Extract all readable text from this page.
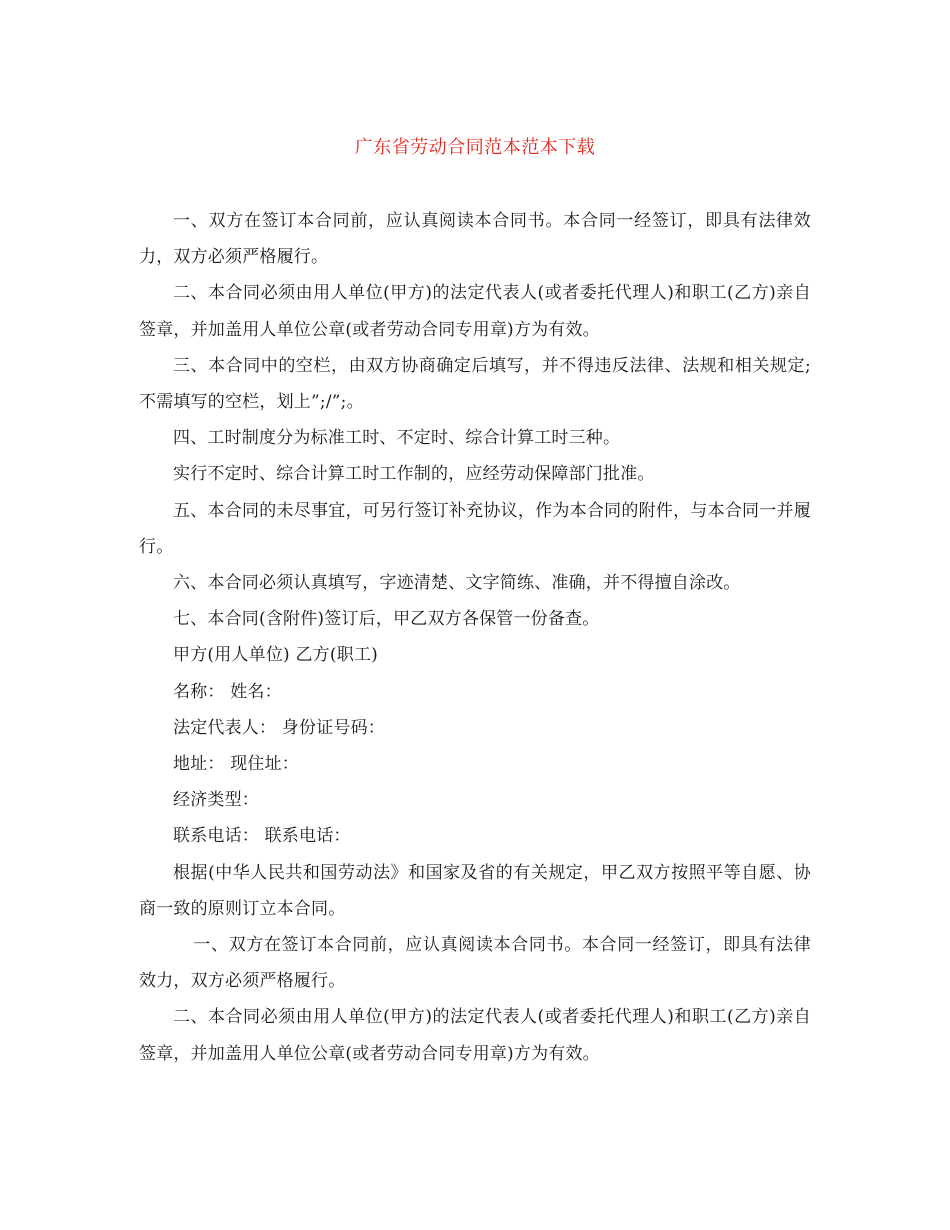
广东省劳动合同范本范本下载

一、双方在签订本合同前，应认真阅读本合同书。本合同一经签订，即具有法律效力，双方必须严格履行。

二、本合同必须由用人单位(甲方)的法定代表人(或者委托代理人)和职工(乙方)亲自签章，并加盖用人单位公章(或者劳动合同专用章)方为有效。

三、本合同中的空栏，由双方协商确定后填写，并不得违反法律、法规和相关规定;不需填写的空栏，划上”;/”;。

四、工时制度分为标准工时、不定时、综合计算工时三种。

实行不定时、综合计算工时工作制的，应经劳动保障部门批准。

五、本合同的未尽事宜，可另行签订补充协议，作为本合同的附件，与本合同一并履行。

六、本合同必须认真填写，字迹清楚、文字简练、准确，并不得擅自涂改。

七、本合同(含附件)签订后，甲乙双方各保管一份备查。

甲方(用人单位) 乙方(职工)

名称： 姓名：

法定代表人： 身份证号码：

地址： 现住址：

经济类型：

联系电话： 联系电话：

根据(中华人民共和国劳动法》和国家及省的有关规定，甲乙双方按照平等自愿、协商一致的原则订立本合同。

一、双方在签订本合同前，应认真阅读本合同书。本合同一经签订，即具有法律效力，双方必须严格履行。

二、本合同必须由用人单位(甲方)的法定代表人(或者委托代理人)和职工(乙方)亲自签章，并加盖用人单位公章(或者劳动合同专用章)方为有效。
